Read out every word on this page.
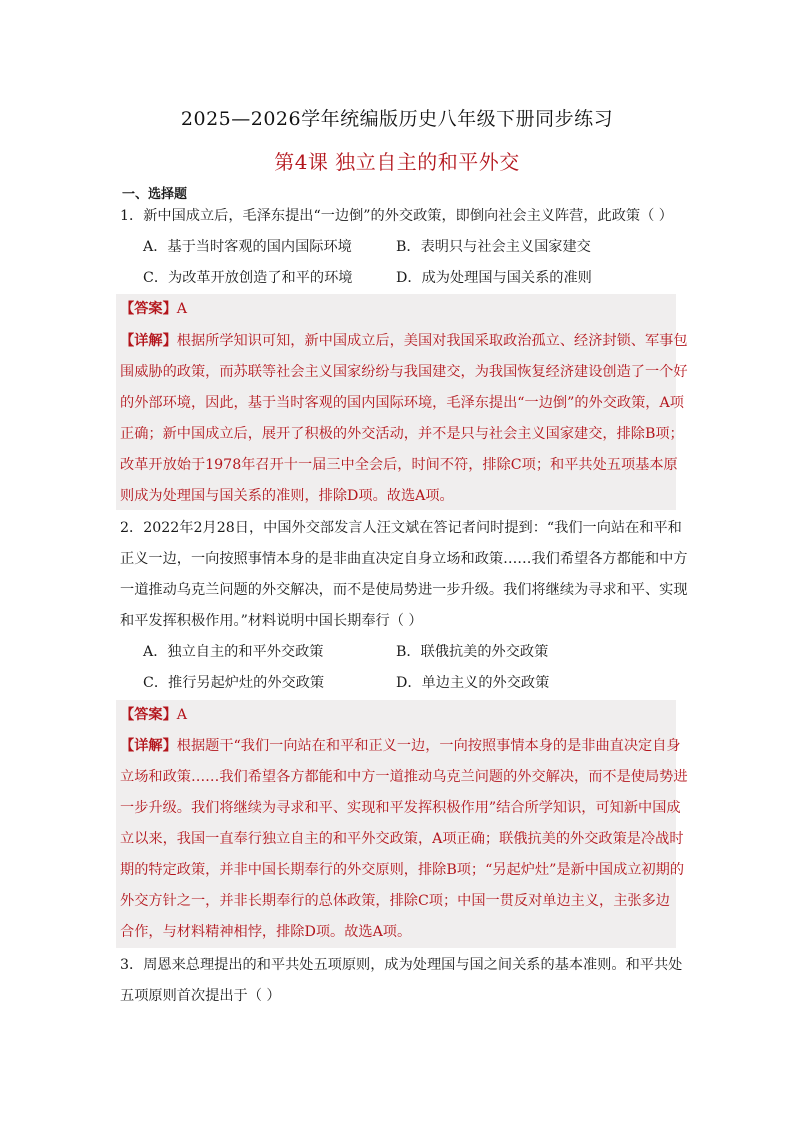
2025—2026学年统编版历史八年级下册同步练习
第4课 独立自主的和平外交
一、选择题
1．新中国成立后，毛泽东提出“一边倒”的外交政策，即倒向社会主义阵营，此政策（ ）
A．基于当时客观的国内国际环境	B．表明只与社会主义国家建交
C．为改革开放创造了和平的环境	D．成为处理国与国关系的准则
【答案】A
【详解】根据所学知识可知，新中国成立后，美国对我国采取政治孤立、经济封锁、军事包
围威胁的政策，而苏联等社会主义国家纷纷与我国建交，为我国恢复经济建设创造了一个好
的外部环境，因此，基于当时客观的国内国际环境，毛泽东提出“一边倒”的外交政策，A项
正确；新中国成立后，展开了积极的外交活动，并不是只与社会主义国家建交，排除B项；
改革开放始于1978年召开十一届三中全会后，时间不符，排除C项；和平共处五项基本原
则成为处理国与国关系的准则，排除D项。故选A项。
2．2022年2月28日，中国外交部发言人汪文斌在答记者问时提到：“我们一向站在和平和
正义一边，一向按照事情本身的是非曲直决定自身立场和政策……我们希望各方都能和中方
一道推动乌克兰问题的外交解决，而不是使局势进一步升级。我们将继续为寻求和平、实现
和平发挥积极作用。”材料说明中国长期奉行（ ）
A．独立自主的和平外交政策	B．联俄抗美的外交政策
C．推行另起炉灶的外交政策	D．单边主义的外交政策
【答案】A
【详解】根据题干“我们一向站在和平和正义一边，一向按照事情本身的是非曲直决定自身
立场和政策……我们希望各方都能和中方一道推动乌克兰问题的外交解决，而不是使局势进
一步升级。我们将继续为寻求和平、实现和平发挥积极作用”结合所学知识，可知新中国成
立以来，我国一直奉行独立自主的和平外交政策，A项正确；联俄抗美的外交政策是冷战时
期的特定政策，并非中国长期奉行的外交原则，排除B项；“另起炉灶”是新中国成立初期的
外交方针之一，并非长期奉行的总体政策，排除C项；中国一贯反对单边主义，主张多边
合作，与材料精神相悖，排除D项。故选A项。
3．周恩来总理提出的和平共处五项原则，成为处理国与国之间关系的基本准则。和平共处
五项原则首次提出于（ ）
